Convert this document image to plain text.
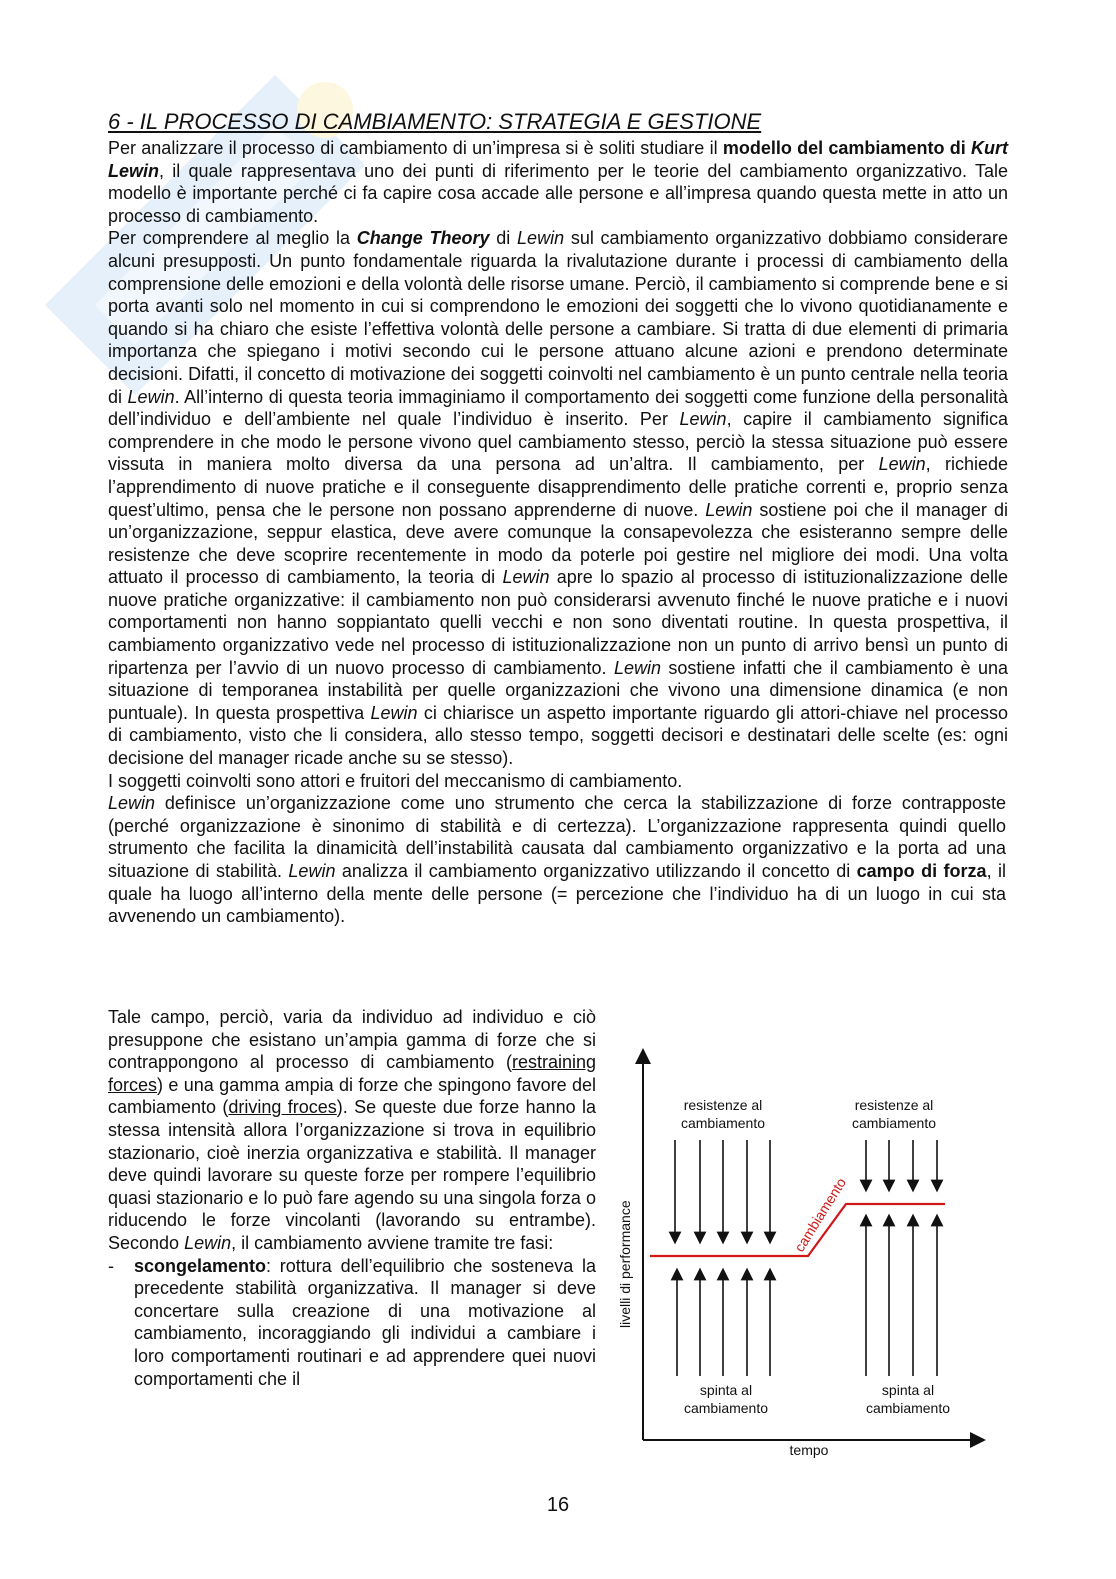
6 - IL PROCESSO DI CAMBIAMENTO: STRATEGIA E GESTIONE

Per analizzare il processo di cambiamento di un’impresa si è soliti studiare il modello del cambiamento di Kurt Lewin, il quale rappresentava uno dei punti di riferimento per le teorie del cambiamento organizzativo. Tale modello è importante perché ci fa capire cosa accade alle persone e all’impresa quando questa mette in atto un processo di cambiamento.

Per comprendere al meglio la Change Theory di Lewin sul cambiamento organizzativo dobbiamo considerare alcuni presupposti. Un punto fondamentale riguarda la rivalutazione durante i processi di cambiamento della comprensione delle emozioni e della volontà delle risorse umane. Perciò, il cambiamento si comprende bene e si porta avanti solo nel momento in cui si comprendono le emozioni dei soggetti che lo vivono quotidianamente e quando si ha chiaro che esiste l’effettiva volontà delle persone a cambiare. Si tratta di due elementi di primaria importanza che spiegano i motivi secondo cui le persone attuano alcune azioni e prendono determinate decisioni. Difatti, il concetto di motivazione dei soggetti coinvolti nel cambiamento è un punto centrale nella teoria di Lewin. All’interno di questa teoria immaginiamo il comportamento dei soggetti come funzione della personalità dell’individuo e dell’ambiente nel quale l’individuo è inserito. Per Lewin, capire il cambiamento significa comprendere in che modo le persone vivono quel cambiamento stesso, perciò la stessa situazione può essere vissuta in maniera molto diversa da una persona ad un’altra. Il cambiamento, per Lewin, richiede l’apprendimento di nuove pratiche e il conseguente disapprendimento delle pratiche correnti e, proprio senza quest’ultimo, pensa che le persone non possano apprenderne di nuove. Lewin sostiene poi che il manager di un’organizzazione, seppur elastica, deve avere comunque la consapevolezza che esisteranno sempre delle resistenze che deve scoprire recentemente in modo da poterle poi gestire nel migliore dei modi. Una volta attuato il processo di cambiamento, la teoria di Lewin apre lo spazio al processo di istituzionalizzazione delle nuove pratiche organizzative: il cambiamento non può considerarsi avvenuto finché le nuove pratiche e i nuovi comportamenti non hanno soppiantato quelli vecchi e non sono diventati routine. In questa prospettiva, il cambiamento organizzativo vede nel processo di istituzionalizzazione non un punto di arrivo bensì un punto di ripartenza per l’avvio di un nuovo processo di cambiamento. Lewin sostiene infatti che il cambiamento è una situazione di temporanea instabilità per quelle organizzazioni che vivono una dimensione dinamica (e non puntuale). In questa prospettiva Lewin ci chiarisce un aspetto importante riguardo gli attori-chiave nel processo di cambiamento, visto che li considera, allo stesso tempo, soggetti decisori e destinatari delle scelte (es: ogni decisione del manager ricade anche su se stesso).

I soggetti coinvolti sono attori e fruitori del meccanismo di cambiamento.

Lewin definisce un’organizzazione come uno strumento che cerca la stabilizzazione di forze contrapposte (perché organizzazione è sinonimo di stabilità e di certezza). L’organizzazione rappresenta quindi quello strumento che facilita la dinamicità dell’instabilità causata dal cambiamento organizzativo e la porta ad una situazione di stabilità. Lewin analizza il cambiamento organizzativo utilizzando il concetto di campo di forza, il quale ha luogo all’interno della mente delle persone (= percezione che l’individuo ha di un luogo in cui sta avvenendo un cambiamento).

Tale campo, perciò, varia da individuo ad individuo e ciò presuppone che esistano un’ampia gamma di forze che si contrappongono al processo di cambiamento (restraining forces) e una gamma ampia di forze che spingono favore del cambiamento (driving froces). Se queste due forze hanno la stessa intensità allora l’organizzazione si trova in equilibrio stazionario, cioè inerzia organizzativa e stabilità. Il manager deve quindi lavorare su queste forze per rompere l’equilibrio quasi stazionario e lo può fare agendo su una singola forza o riducendo le forze vincolanti (lavorando su entrambe). Secondo Lewin, il cambiamento avviene tramite tre fasi:

- scongelamento: rottura dell’equilibrio che sosteneva la precedente stabilità organizzativa. Il manager si deve concertare sulla creazione di una motivazione al cambiamento, incoraggiando gli individui a cambiare i loro comportamenti routinari e ad apprendere quei nuovi comportamenti che il

livelli di performance
tempo
resistenze al
cambiamento
resistenze al
cambiamento
spinta al
cambiamento
spinta al
cambiamento
cambiamento
16
